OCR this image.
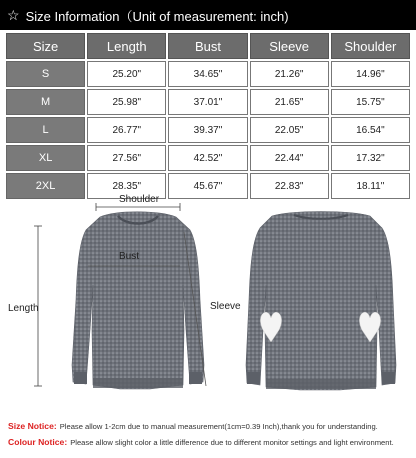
☆ Size Information（Unit of measurement: inch)
Size	Length	Bust	Sleeve	Shoulder
S	25.20"	34.65"	21.26"	14.96"
M	25.98"	37.01"	21.65"	15.75"
L	26.77"	39.37"	22.05"	16.54"
XL	27.56"	42.52"	22.44"	17.32"
2XL	28.35"	45.67"	22.83"	18.11"
Shoulder
Bust
Length	Sleeve
Size Notice: Please allow 1-2cm due to manual measurement(1cm=0.39 Inch),thank you for understanding.
Colour Notice: Please allow slight color a little difference due to different monitor settings and light environment.
